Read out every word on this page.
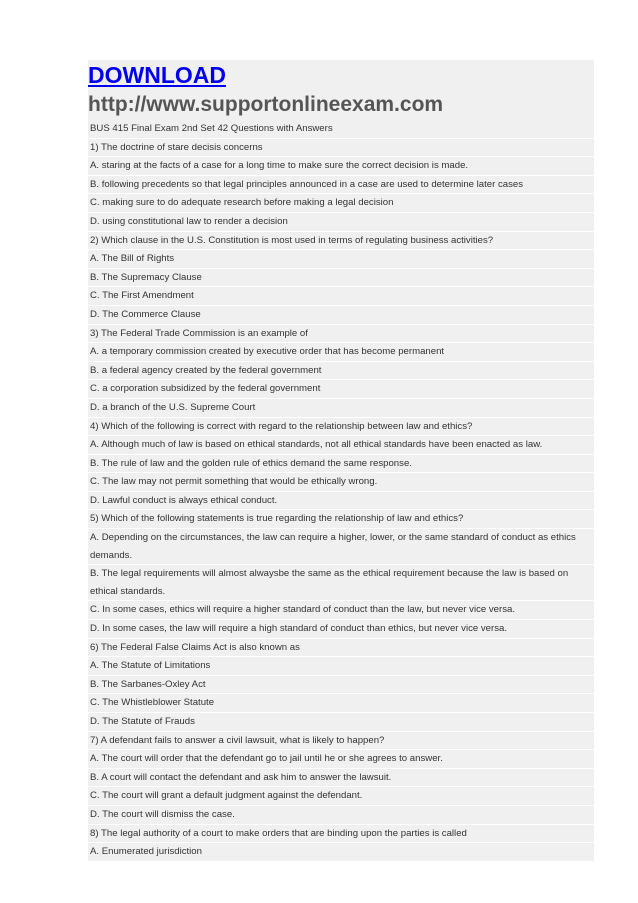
DOWNLOAD
http://www.supportonlineexam.com
BUS 415 Final Exam 2nd Set 42 Questions with Answers
1) The doctrine of stare decisis concerns
A. staring at the facts of a case for a long time to make sure the correct decision is made.
B. following precedents so that legal principles announced in a case are used to determine later cases
C. making sure to do adequate research before making a legal decision
D. using constitutional law to render a decision
2) Which clause in the U.S. Constitution is most used in terms of regulating business activities?
A. The Bill of Rights
B. The Supremacy Clause
C. The First Amendment
D. The Commerce Clause
3) The Federal Trade Commission is an example of
A. a temporary commission created by executive order that has become permanent
B. a federal agency created by the federal government
C. a corporation subsidized by the federal government
D. a branch of the U.S. Supreme Court
4) Which of the following is correct with regard to the relationship between law and ethics?
A. Although much of law is based on ethical standards, not all ethical standards have been enacted as law.
B. The rule of law and the golden rule of ethics demand the same response.
C. The law may not permit something that would be ethically wrong.
D. Lawful conduct is always ethical conduct.
5) Which of the following statements is true regarding the relationship of law and ethics?
A. Depending on the circumstances, the law can require a higher, lower, or the same standard of conduct as ethics demands.
B. The legal requirements will almost alwaysbe the same as the ethical requirement because the law is based on ethical standards.
C. In some cases, ethics will require a higher standard of conduct than the law, but never vice versa.
D. In some cases, the law will require a high standard of conduct than ethics, but never vice versa.
6) The Federal False Claims Act is also known as
A. The Statute of Limitations
B. The Sarbanes-Oxley Act
C. The Whistleblower Statute
D. The Statute of Frauds
7) A defendant fails to answer a civil lawsuit, what is likely to happen?
A. The court will order that the defendant go to jail until he or she agrees to answer.
B. A court will contact the defendant and ask him to answer the lawsuit.
C. The court will grant a default judgment against the defendant.
D. The court will dismiss the case.
8) The legal authority of a court to make orders that are binding upon the parties is called
A. Enumerated jurisdiction
